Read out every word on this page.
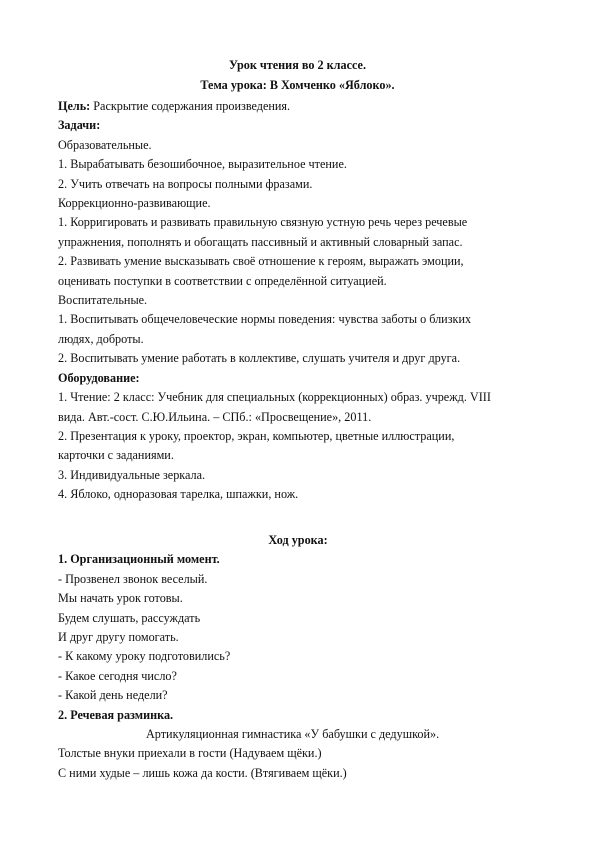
Урок чтения во 2 классе.
Тема урока: В Хомченко «Яблоко».
Цель: Раскрытие содержания произведения.
Задачи:
Образовательные.
1. Вырабатывать безошибочное, выразительное чтение.
2. Учить отвечать на вопросы полными фразами.
Коррекционно-развивающие.
1. Корригировать и развивать правильную связную устную речь через речевые
упражнения, пополнять и обогащать пассивный и активный словарный запас.
2. Развивать умение высказывать своё отношение к героям, выражать эмоции,
оценивать поступки в соответствии с определённой ситуацией.
Воспитательные.
1. Воспитывать общечеловеческие нормы поведения: чувства заботы о близких
людях, доброты.
2. Воспитывать умение работать в коллективе, слушать учителя и друг друга.
Оборудование:
1. Чтение: 2 класс: Учебник для специальных (коррекционных) образ. учрежд. VIII
вида. Авт.-сост. С.Ю.Ильина. – СПб.: «Просвещение», 2011.
2. Презентация к уроку, проектор, экран, компьютер, цветные иллюстрации,
карточки с заданиями.
3. Индивидуальные зеркала.
4. Яблоко, одноразовая тарелка, шпажки, нож.
Ход урока:
1. Организационный момент.
- Прозвенел звонок веселый.
Мы начать урок готовы.
Будем слушать, рассуждать
И друг другу помогать.
- К какому уроку подготовились?
- Какое сегодня число?
- Какой день недели?
2. Речевая разминка.
Артикуляционная гимнастика «У бабушки с дедушкой».
Толстые внуки приехали в гости (Надуваем щёки.)
С ними худые – лишь кожа да кости. (Втягиваем щёки.)
